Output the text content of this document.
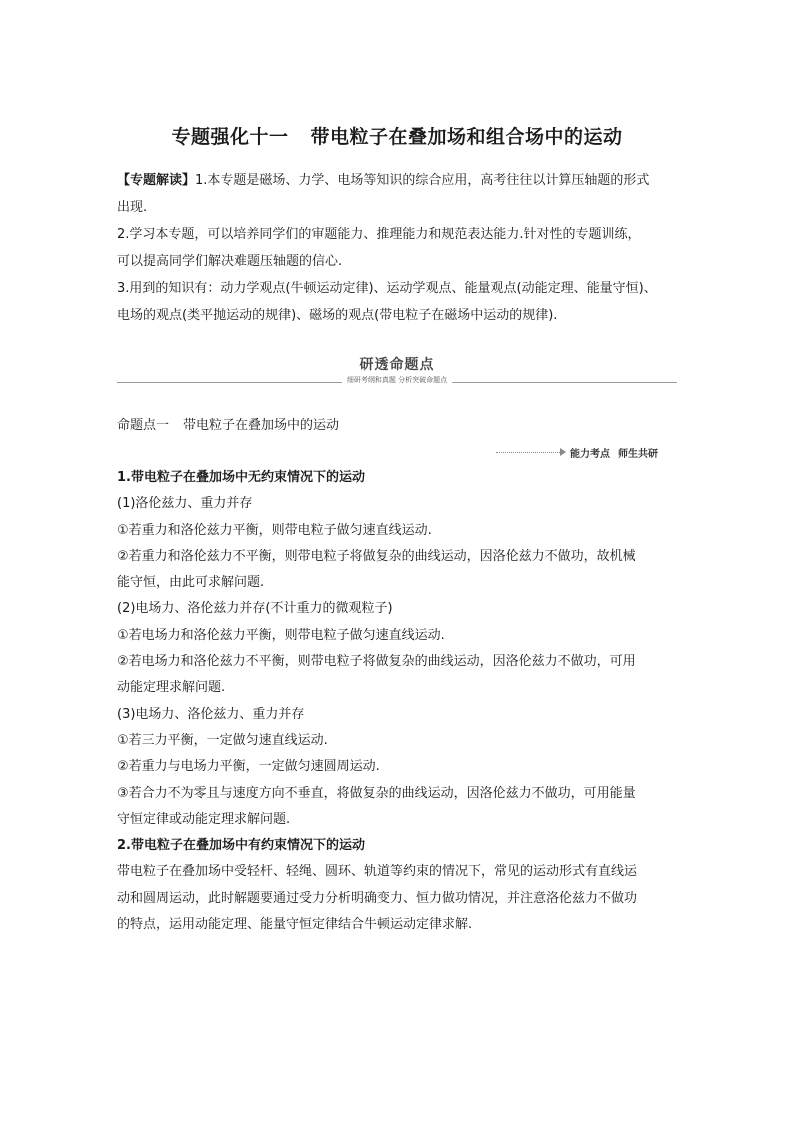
专题强化十一 带电粒子在叠加场和组合场中的运动

【专题解读】1.本专题是磁场、力学、电场等知识的综合应用，高考往往以计算压轴题的形式

出现.

2.学习本专题，可以培养同学们的审题能力、推理能力和规范表达能力.针对性的专题训练，

可以提高同学们解决难题压轴题的信心.

3.用到的知识有：动力学观点(牛顿运动定律)、运动学观点、能量观点(动能定理、能量守恒)、

电场的观点(类平抛运动的规律)、磁场的观点(带电粒子在磁场中运动的规律).

研透命题点
细研考纲和真题 分析突破命题点
命题点一 带电粒子在叠加场中的运动
能力考点 师生共研

1.带电粒子在叠加场中无约束情况下的运动

(1)洛伦兹力、重力并存

①若重力和洛伦兹力平衡，则带电粒子做匀速直线运动.

②若重力和洛伦兹力不平衡，则带电粒子将做复杂的曲线运动，因洛伦兹力不做功，故机械

能守恒，由此可求解问题.

(2)电场力、洛伦兹力并存(不计重力的微观粒子)

①若电场力和洛伦兹力平衡，则带电粒子做匀速直线运动.

②若电场力和洛伦兹力不平衡，则带电粒子将做复杂的曲线运动，因洛伦兹力不做功，可用

动能定理求解问题.

(3)电场力、洛伦兹力、重力并存

①若三力平衡，一定做匀速直线运动.

②若重力与电场力平衡，一定做匀速圆周运动.

③若合力不为零且与速度方向不垂直，将做复杂的曲线运动，因洛伦兹力不做功，可用能量

守恒定律或动能定理求解问题.

2.带电粒子在叠加场中有约束情况下的运动

带电粒子在叠加场中受轻杆、轻绳、圆环、轨道等约束的情况下，常见的运动形式有直线运

动和圆周运动，此时解题要通过受力分析明确变力、恒力做功情况，并注意洛伦兹力不做功

的特点，运用动能定理、能量守恒定律结合牛顿运动定律求解.
